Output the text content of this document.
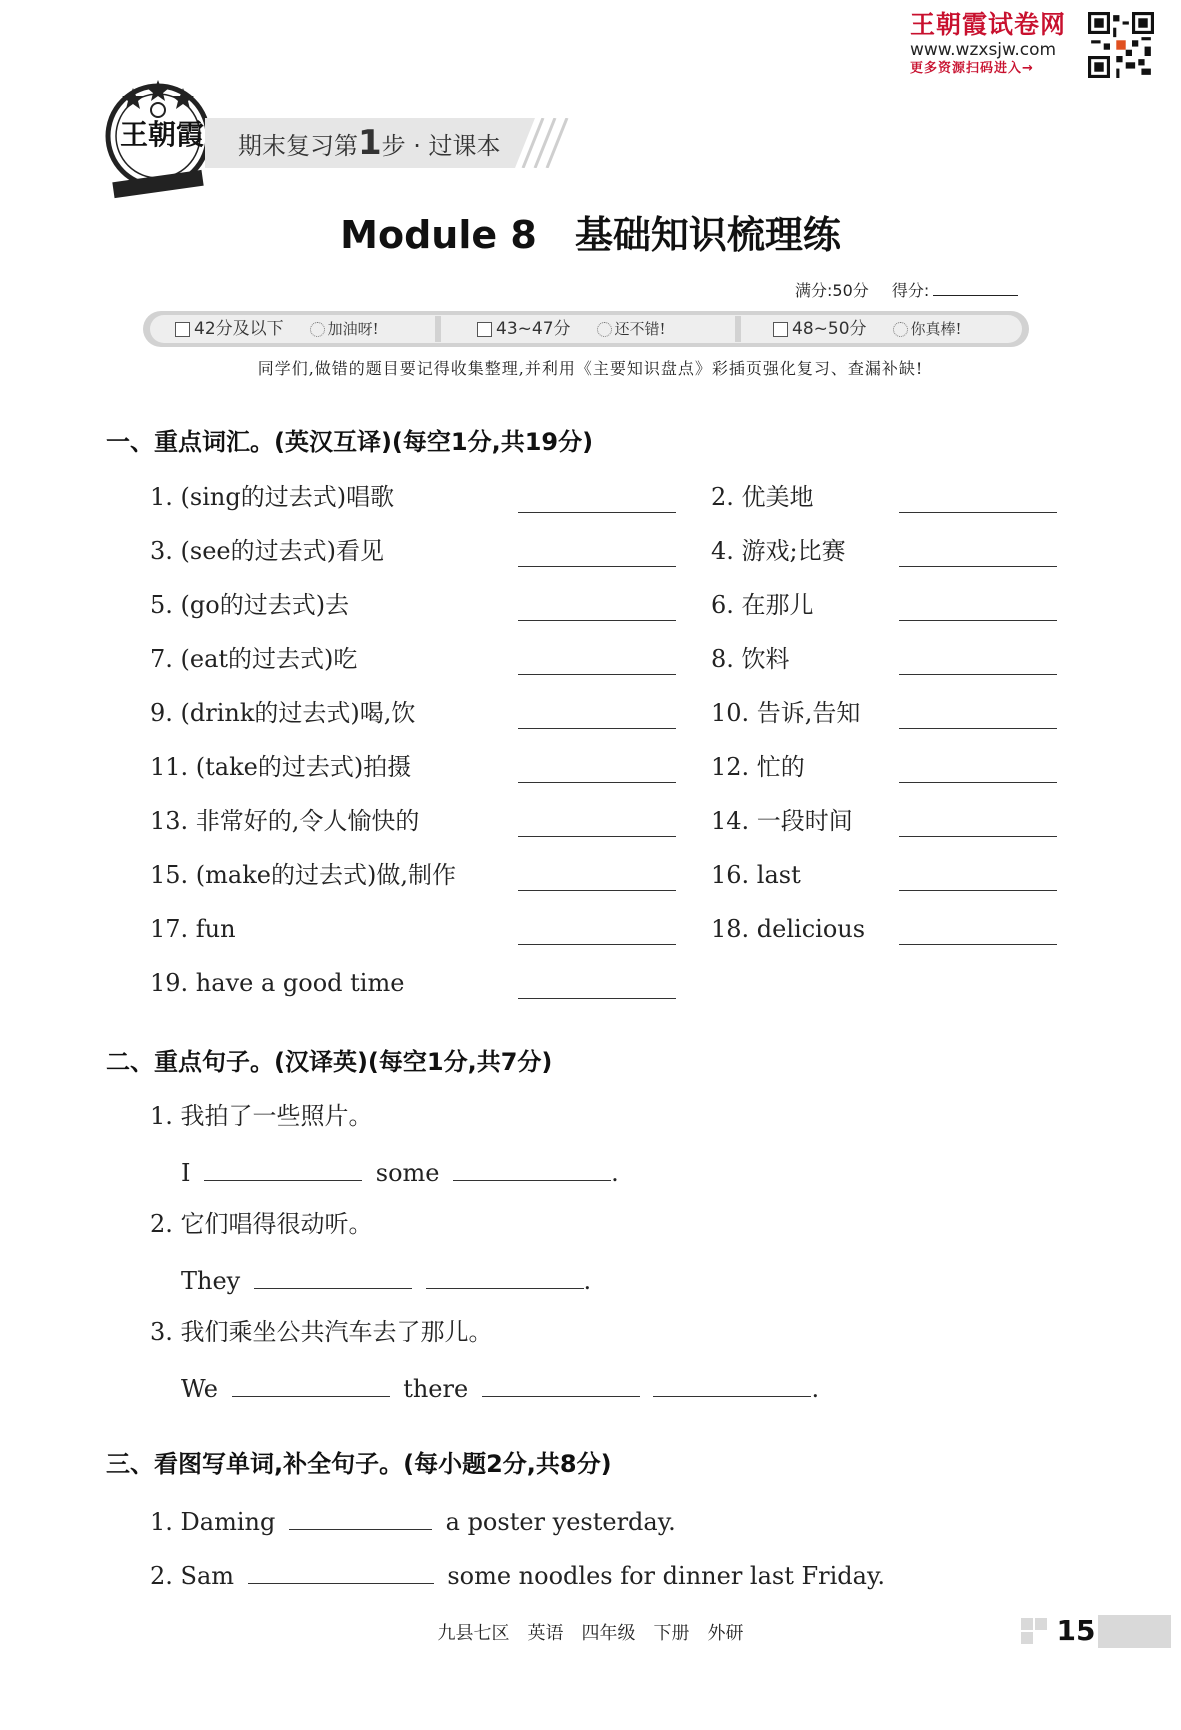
王朝霞试卷网
www.wzxsjw.com
更多资源扫码进入→
王朝霞 期末复习第1步 · 过课本
Module 8　基础知识梳理练
满分:50分 得分:
42分及以下	加油呀!	43~47分	还不错!	48~50分	你真棒!
同学们,做错的题目要记得收集整理,并利用《主要知识盘点》彩插页强化复习、查漏补缺!
一、重点词汇。(英汉互译)(每空1分,共19分)
1. (sing的过去式)唱歌	2. 优美地
3. (see的过去式)看见	4. 游戏;比赛
5. (go的过去式)去	6. 在那儿
7. (eat的过去式)吃	8. 饮料
9. (drink的过去式)喝,饮	10. 告诉,告知
11. (take的过去式)拍摄	12. 忙的
13. 非常好的,令人愉快的	14. 一段时间
15. (make的过去式)做,制作	16. last
17. fun	18. delicious
19. have a good time
二、重点句子。(汉译英)(每空1分,共7分)
1. 我拍了一些照片。
I	some	.
2. 它们唱得很动听。
They	.
3. 我们乘坐公共汽车去了那儿。
We	there	.
三、看图写单词,补全句子。(每小题2分,共8分)
1. Daming	a poster yesterday.
2. Sam	some noodles for dinner last Friday.
九县七区　英语　四年级　下册　外研	15
